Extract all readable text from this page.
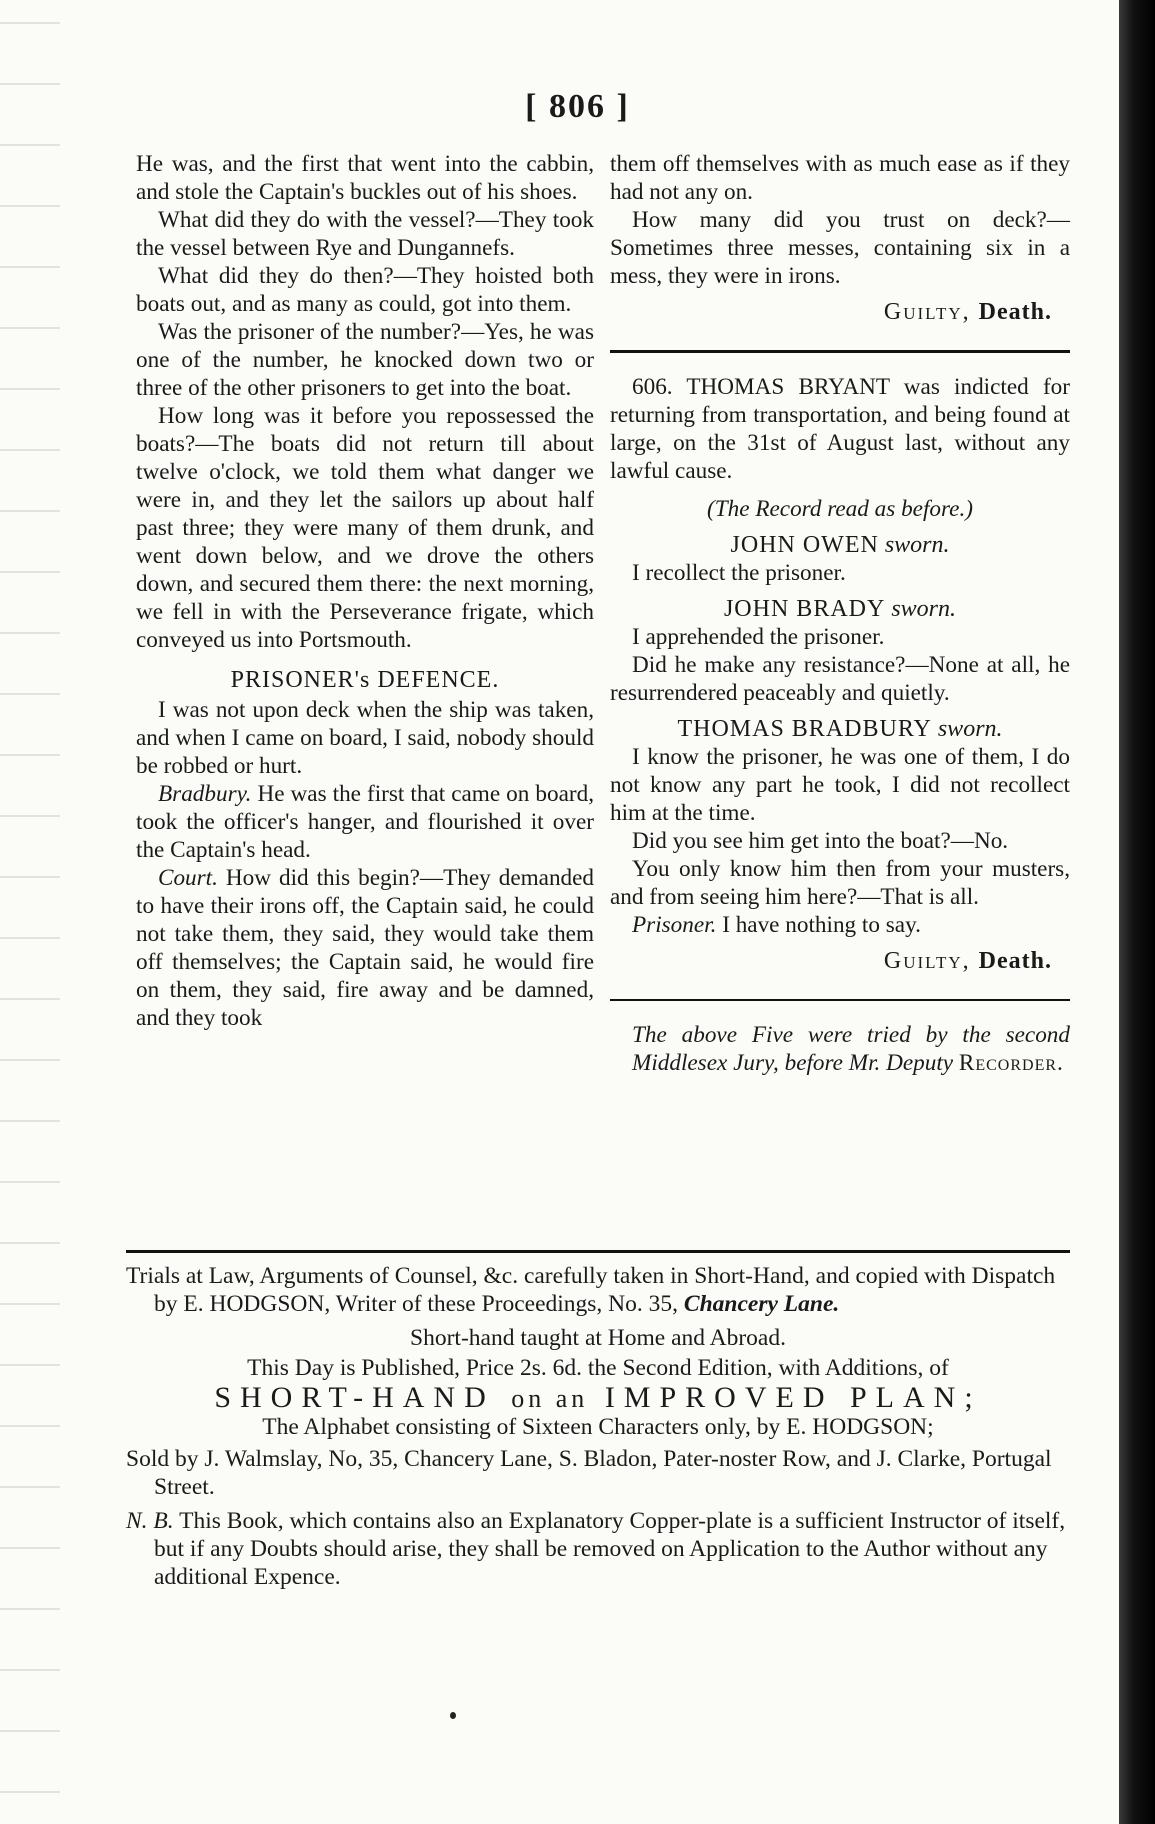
[ 806 ]

He was, and the first that went into the cabbin, and stole the Captain's buckles out of his shoes.

What did they do with the vessel?—They took the vessel between Rye and Dungannefs.

What did they do then?—They hoisted both boats out, and as many as could, got into them.

Was the prisoner of the number?—Yes, he was one of the number, he knocked down two or three of the other prisoners to get into the boat.

How long was it before you repossessed the boats?—The boats did not return till about twelve o'clock, we told them what danger we were in, and they let the sailors up about half past three; they were many of them drunk, and went down below, and we drove the others down, and secured them there: the next morning, we fell in with the Perseverance frigate, which conveyed us into Portsmouth.

PRISONER's DEFENCE.

I was not upon deck when the ship was taken, and when I came on board, I said, nobody should be robbed or hurt.

Bradbury. He was the first that came on board, took the officer's hanger, and flourished it over the Captain's head.

Court. How did this begin?—They demanded to have their irons off, the Captain said, he could not take them, they said, they would take them off themselves; the Captain said, he would fire on them, they said, fire away and be damned, and they took

them off themselves with as much ease as if they had not any on.

How many did you trust on deck?—Sometimes three messes, containing six in a mess, they were in irons.

Guilty, Death.

606. THOMAS BRYANT was indicted for returning from transportation, and being found at large, on the 31st of August last, without any lawful cause.

(The Record read as before.)
JOHN OWEN sworn.

I recollect the prisoner.

JOHN BRADY sworn.

I apprehended the prisoner.

Did he make any resistance?—None at all, he resurrendered peaceably and quietly.

THOMAS BRADBURY sworn.

I know the prisoner, he was one of them, I do not know any part he took, I did not recollect him at the time.

Did you see him get into the boat?—No.

You only know him then from your musters, and from seeing him here?—That is all.

Prisoner. I have nothing to say.

Guilty, Death.

The above Five were tried by the second Middlesex Jury, before Mr. Deputy Recorder.

Trials at Law, Arguments of Counsel, &c. carefully taken in Short-Hand, and copied with Dispatch by E. HODGSON, Writer of these Proceedings, No. 35, Chancery Lane.

Short-hand taught at Home and Abroad.
This Day is Published, Price 2s. 6d. the Second Edition, with Additions, of
SHORT-HAND on an IMPROVED PLAN;
The Alphabet consisting of Sixteen Characters only, by E. HODGSON;

Sold by J. Walmslay, No, 35, Chancery Lane, S. Bladon, Pater-noster Row, and J. Clarke, Portugal Street.

N. B. This Book, which contains also an Explanatory Copper-plate is a sufficient Instructor of itself, but if any Doubts should arise, they shall be removed on Application to the Author without any additional Expence.
